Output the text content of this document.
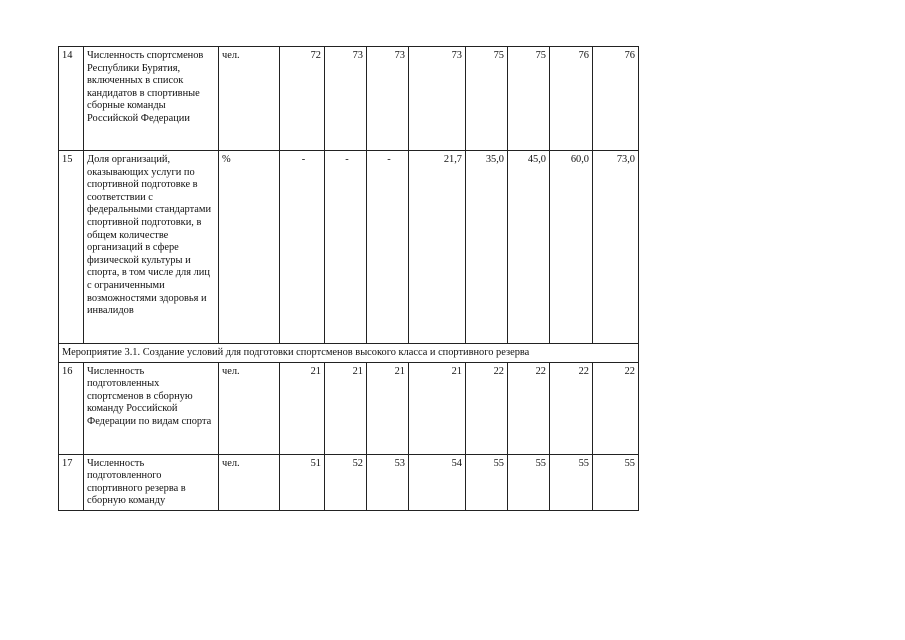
14	Численность спортсменов Республики Бурятия, включенных в список кандидатов в спортивные сборные команды Российской Федерации	чел.	72	73	73	73	75	75	76	76
15	Доля организаций, оказывающих услуги по спортивной подготовке в соответствии с федеральными стандартами спортивной подготовки, в общем количестве организаций в сфере физической культуры и спорта, в том числе для лиц с ограниченными возможностями здоровья и инвалидов	%	-	-	-	21,7	35,0	45,0	60,0	73,0
Мероприятие 3.1. Создание условий для подготовки спортсменов высокого класса и спортивного резерва										
16	Численность подготовленных спортсменов в сборную команду Российской Федерации по видам спорта	чел.	21	21	21	21	22	22	22	22
17	Численность подготовленного спортивного резерва в сборную команду	чел.	51	52	53	54	55	55	55	55
